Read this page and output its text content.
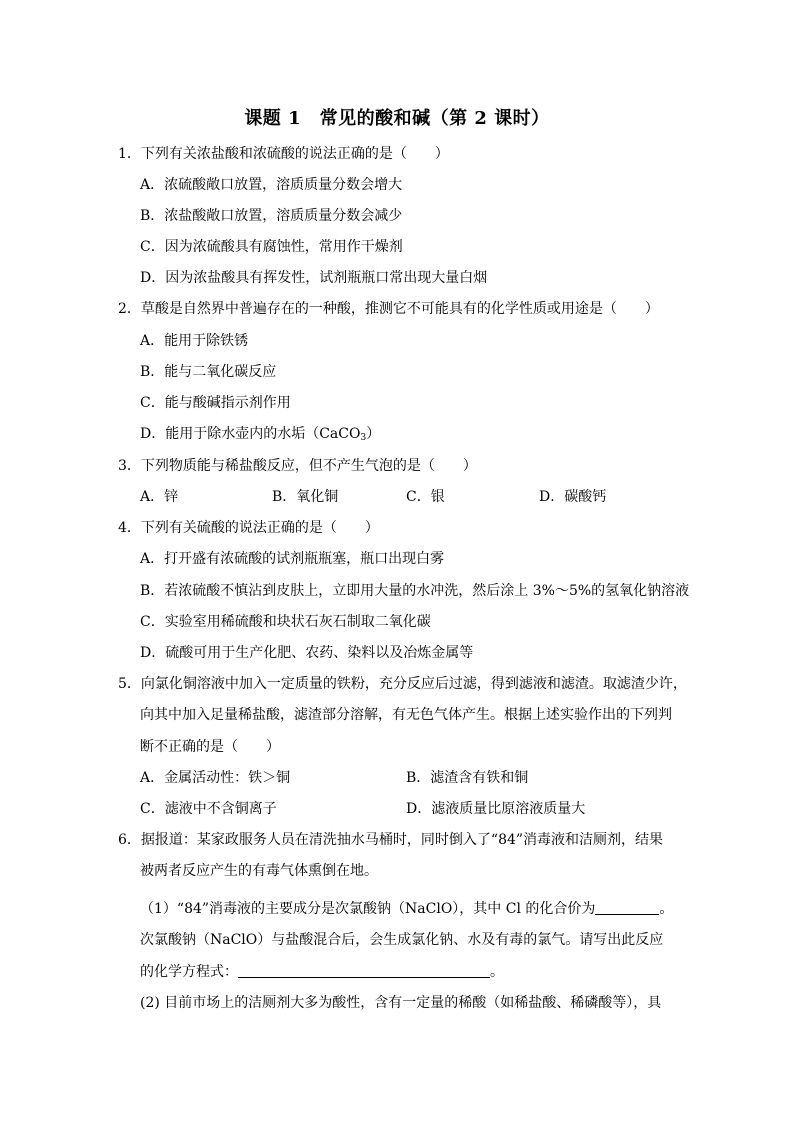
课题 1　常见的酸和碱（第 2 课时）
1．下列有关浓盐酸和浓硫酸的说法正确的是（　　）
A．浓硫酸敞口放置，溶质质量分数会增大
B．浓盐酸敞口放置，溶质质量分数会减少
C．因为浓硫酸具有腐蚀性，常用作干燥剂
D．因为浓盐酸具有挥发性，试剂瓶瓶口常出现大量白烟
2．草酸是自然界中普遍存在的一种酸，推测它不可能具有的化学性质或用途是（　　）
A．能用于除铁锈
B．能与二氧化碳反应
C．能与酸碱指示剂作用
D．能用于除水壶内的水垢（CaCO$_3$）
3．下列物质能与稀盐酸反应，但不产生气泡的是（　　）
A．锌	B．氧化铜	C．银	D．碳酸钙
4．下列有关硫酸的说法正确的是（　　）
A．打开盛有浓硫酸的试剂瓶瓶塞，瓶口出现白雾
B．若浓硫酸不慎沾到皮肤上，立即用大量的水冲洗，然后涂上 3%～5%的氢氧化钠溶液
C．实验室用稀硫酸和块状石灰石制取二氧化碳
D．硫酸可用于生产化肥、农药、染料以及冶炼金属等
5．向氯化铜溶液中加入一定质量的铁粉，充分反应后过滤，得到滤液和滤渣。取滤渣少许，
向其中加入足量稀盐酸，滤渣部分溶解，有无色气体产生。根据上述实验作出的下列判
断不正确的是（　　）
A．金属活动性：铁＞铜	B．滤渣含有铁和铜
C．滤液中不含铜离子	D．滤液质量比原溶液质量大
6．据报道：某家政服务人员在清洗抽水马桶时，同时倒入了“84”消毒液和洁厕剂，结果
被两者反应产生的有毒气体熏倒在地。
（1）“84”消毒液的主要成分是次氯酸钠（NaClO），其中 Cl 的化合价为	。
次氯酸钠（NaClO）与盐酸混合后，会生成氯化钠、水及有毒的氯气。请写出此反应
的化学方程式：	。
(2) 目前市场上的洁厕剂大多为酸性，含有一定量的稀酸（如稀盐酸、稀磷酸等），具
